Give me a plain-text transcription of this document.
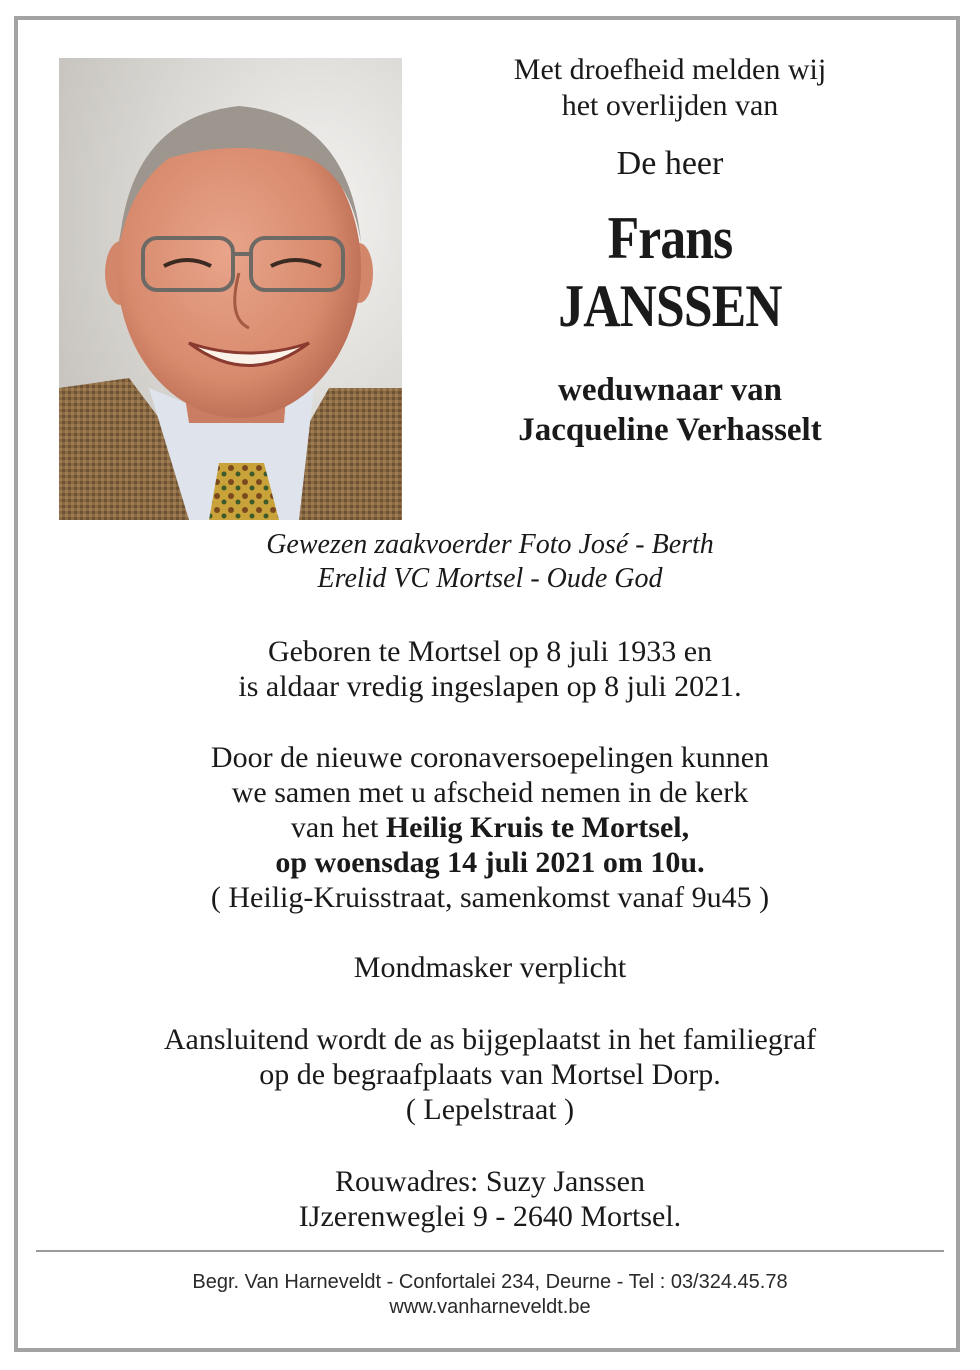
Met droefheid melden wij
het overlijden van
De heer
Frans
JANSSEN
weduwnaar van
Jacqueline Verhasselt
Gewezen zaakvoerder Foto José - Berth
Erelid VC Mortsel - Oude God
Geboren te Mortsel op 8 juli 1933 en
is aldaar vredig ingeslapen op 8 juli 2021.
Door de nieuwe coronaversoepelingen kunnen
we samen met u afscheid nemen in de kerk
van het Heilig Kruis te Mortsel,
op woensdag 14 juli 2021 om 10u.
( Heilig-Kruisstraat, samenkomst vanaf 9u45 )
Mondmasker verplicht
Aansluitend wordt de as bijgeplaatst in het familiegraf
op de begraafplaats van Mortsel Dorp.
( Lepelstraat )
Rouwadres: Suzy Janssen
IJzerenweglei 9 - 2640 Mortsel.
Begr. Van Harneveldt - Confortalei 234, Deurne - Tel : 03/324.45.78
www.vanharneveldt.be
